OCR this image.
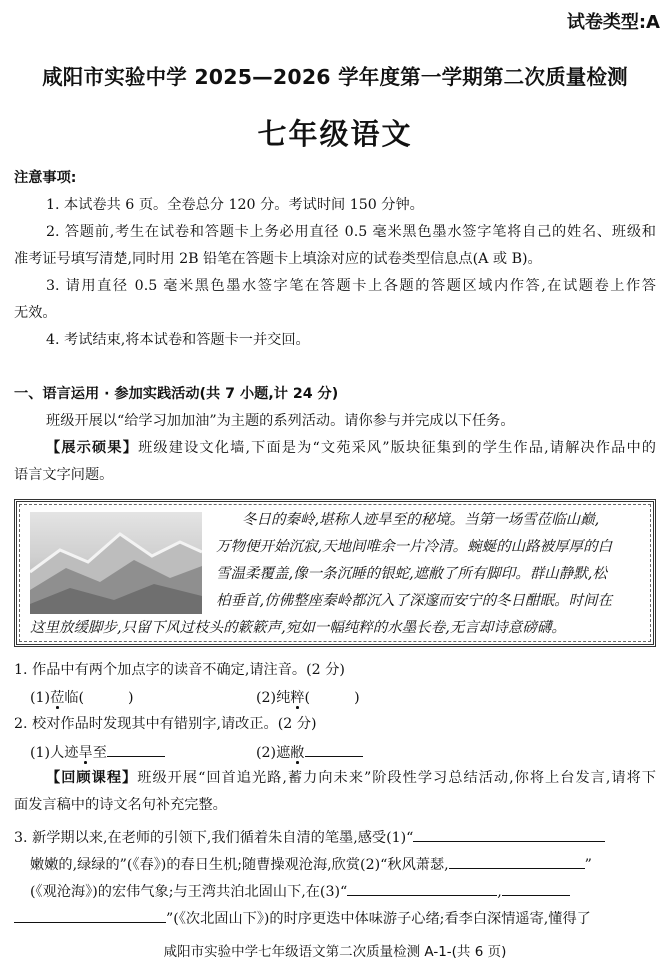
试卷类型:A
咸阳市实验中学 2025—2026 学年度第一学期第二次质量检测
七年级语文
注意事项:
1. 本试卷共 6 页。全卷总分 120 分。考试时间 150 分钟。
2. 答题前,考生在试卷和答题卡上务必用直径 0.5 毫米黑色墨水签字笔将自己的姓名、班级和
准考证号填写清楚,同时用 2B 铅笔在答题卡上填涂对应的试卷类型信息点(A 或 B)。
3. 请用直径 0.5 毫米黑色墨水签字笔在答题卡上各题的答题区域内作答,在试题卷上作答
无效。
4. 考试结束,将本试卷和答题卡一并交回。
一、语言运用 · 参加实践活动(共 7 小题,计 24 分)
班级开展以“给学习加加油”为主题的系列活动。请你参与并完成以下任务。
【展示硕果】班级建设文化墙,下面是为“文苑采风”版块征集到的学生作品,请解决作品中的
语言文字问题。
冬日的秦岭,堪称人迹旱至的秘境。当第一场雪莅临山巅,
万物便开始沉寂,天地间唯余一片冷清。蜿蜒的山路被厚厚的白
雪温柔覆盖,像一条沉睡的银蛇,遮敝了所有脚印。群山静默,松
柏垂首,仿佛整座秦岭都沉入了深邃而安宁的冬日酣眠。时间在
这里放缓脚步,只留下风过枝头的簌簌声,宛如一幅纯粹的水墨长卷,无言却诗意磅礴。
1. 作品中有两个加点字的读音不确定,请注音。(2 分)
(1)莅临(	)	(2)纯粹(	)
2. 校对作品时发现其中有错别字,请改正。(2 分)
(1)人迹旱至	(2)遮敝
【回顾课程】班级开展“回首追光路,蓄力向未来”阶段性学习总结活动,你将上台发言,请将下
面发言稿中的诗文名句补充完整。
3. 新学期以来,在老师的引领下,我们循着朱自清的笔墨,感受(1)“
嫩嫩的,绿绿的”(《春》)的春日生机;随曹操观沧海,欣赏(2)“秋风萧瑟,	”
(《观沧海》)的宏伟气象;与王湾共泊北固山下,在(3)“	,
”(《次北固山下》)的时序更迭中体味游子心绪;看李白深情遥寄,懂得了
咸阳市实验中学七年级语文第二次质量检测 A-1-(共 6 页)
